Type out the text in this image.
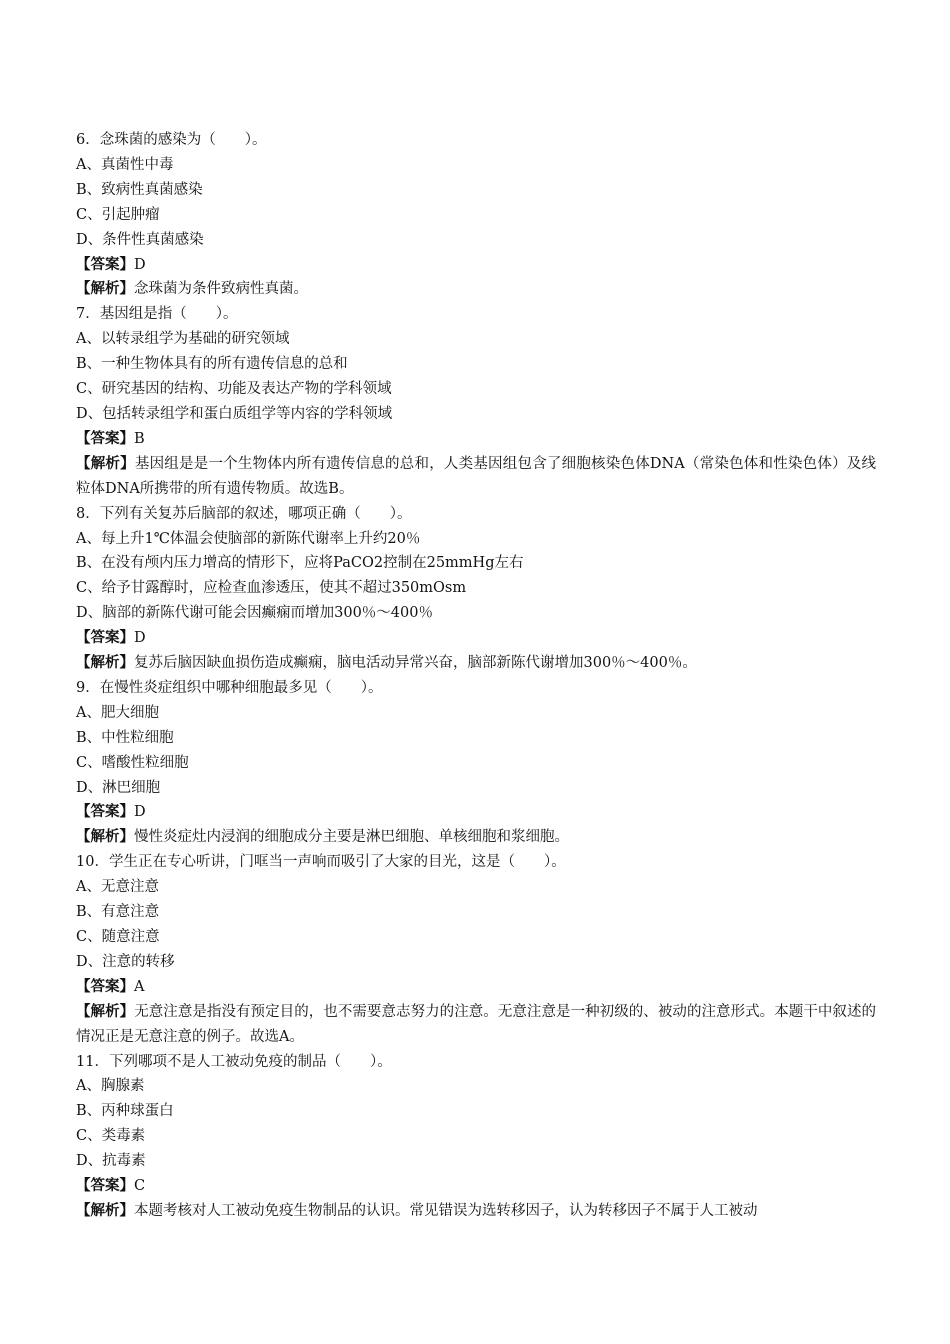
6．念珠菌的感染为（　　）。

A、真菌性中毒

B、致病性真菌感染

C、引起肿瘤

D、条件性真菌感染

【答案】D

【解析】念珠菌为条件致病性真菌。

7．基因组是指（　　）。

A、以转录组学为基础的研究领域

B、一种生物体具有的所有遗传信息的总和

C、研究基因的结构、功能及表达产物的学科领域

D、包括转录组学和蛋白质组学等内容的学科领域

【答案】B

【解析】基因组是是一个生物体内所有遗传信息的总和，人类基因组包含了细胞核染色体DNA（常染色体和性染色体）及线粒体DNA所携带的所有遗传物质。故选B。

8．下列有关复苏后脑部的叙述，哪项正确（　　）。

A、每上升1℃体温会使脑部的新陈代谢率上升约20％

B、在没有颅内压力增高的情形下，应将PaCO2控制在25mmHg左右

C、给予甘露醇时，应检查血渗透压，使其不超过350mOsm

D、脑部的新陈代谢可能会因癫痫而增加300％～400％

【答案】D

【解析】复苏后脑因缺血损伤造成癫痫，脑电活动异常兴奋，脑部新陈代谢增加300％～400％。

9．在慢性炎症组织中哪种细胞最多见（　　）。

A、肥大细胞

B、中性粒细胞

C、嗜酸性粒细胞

D、淋巴细胞

【答案】D

【解析】慢性炎症灶内浸润的细胞成分主要是淋巴细胞、单核细胞和浆细胞。

10．学生正在专心听讲，门哐当一声响而吸引了大家的目光，这是（　　）。

A、无意注意

B、有意注意

C、随意注意

D、注意的转移

【答案】A

【解析】无意注意是指没有预定目的，也不需要意志努力的注意。无意注意是一种初级的、被动的注意形式。本题干中叙述的情况正是无意注意的例子。故选A。

11．下列哪项不是人工被动免疫的制品（　　）。

A、胸腺素

B、丙种球蛋白

C、类毒素

D、抗毒素

【答案】C

【解析】本题考核对人工被动免疫生物制品的认识。常见错误为选转移因子，认为转移因子不属于人工被动
